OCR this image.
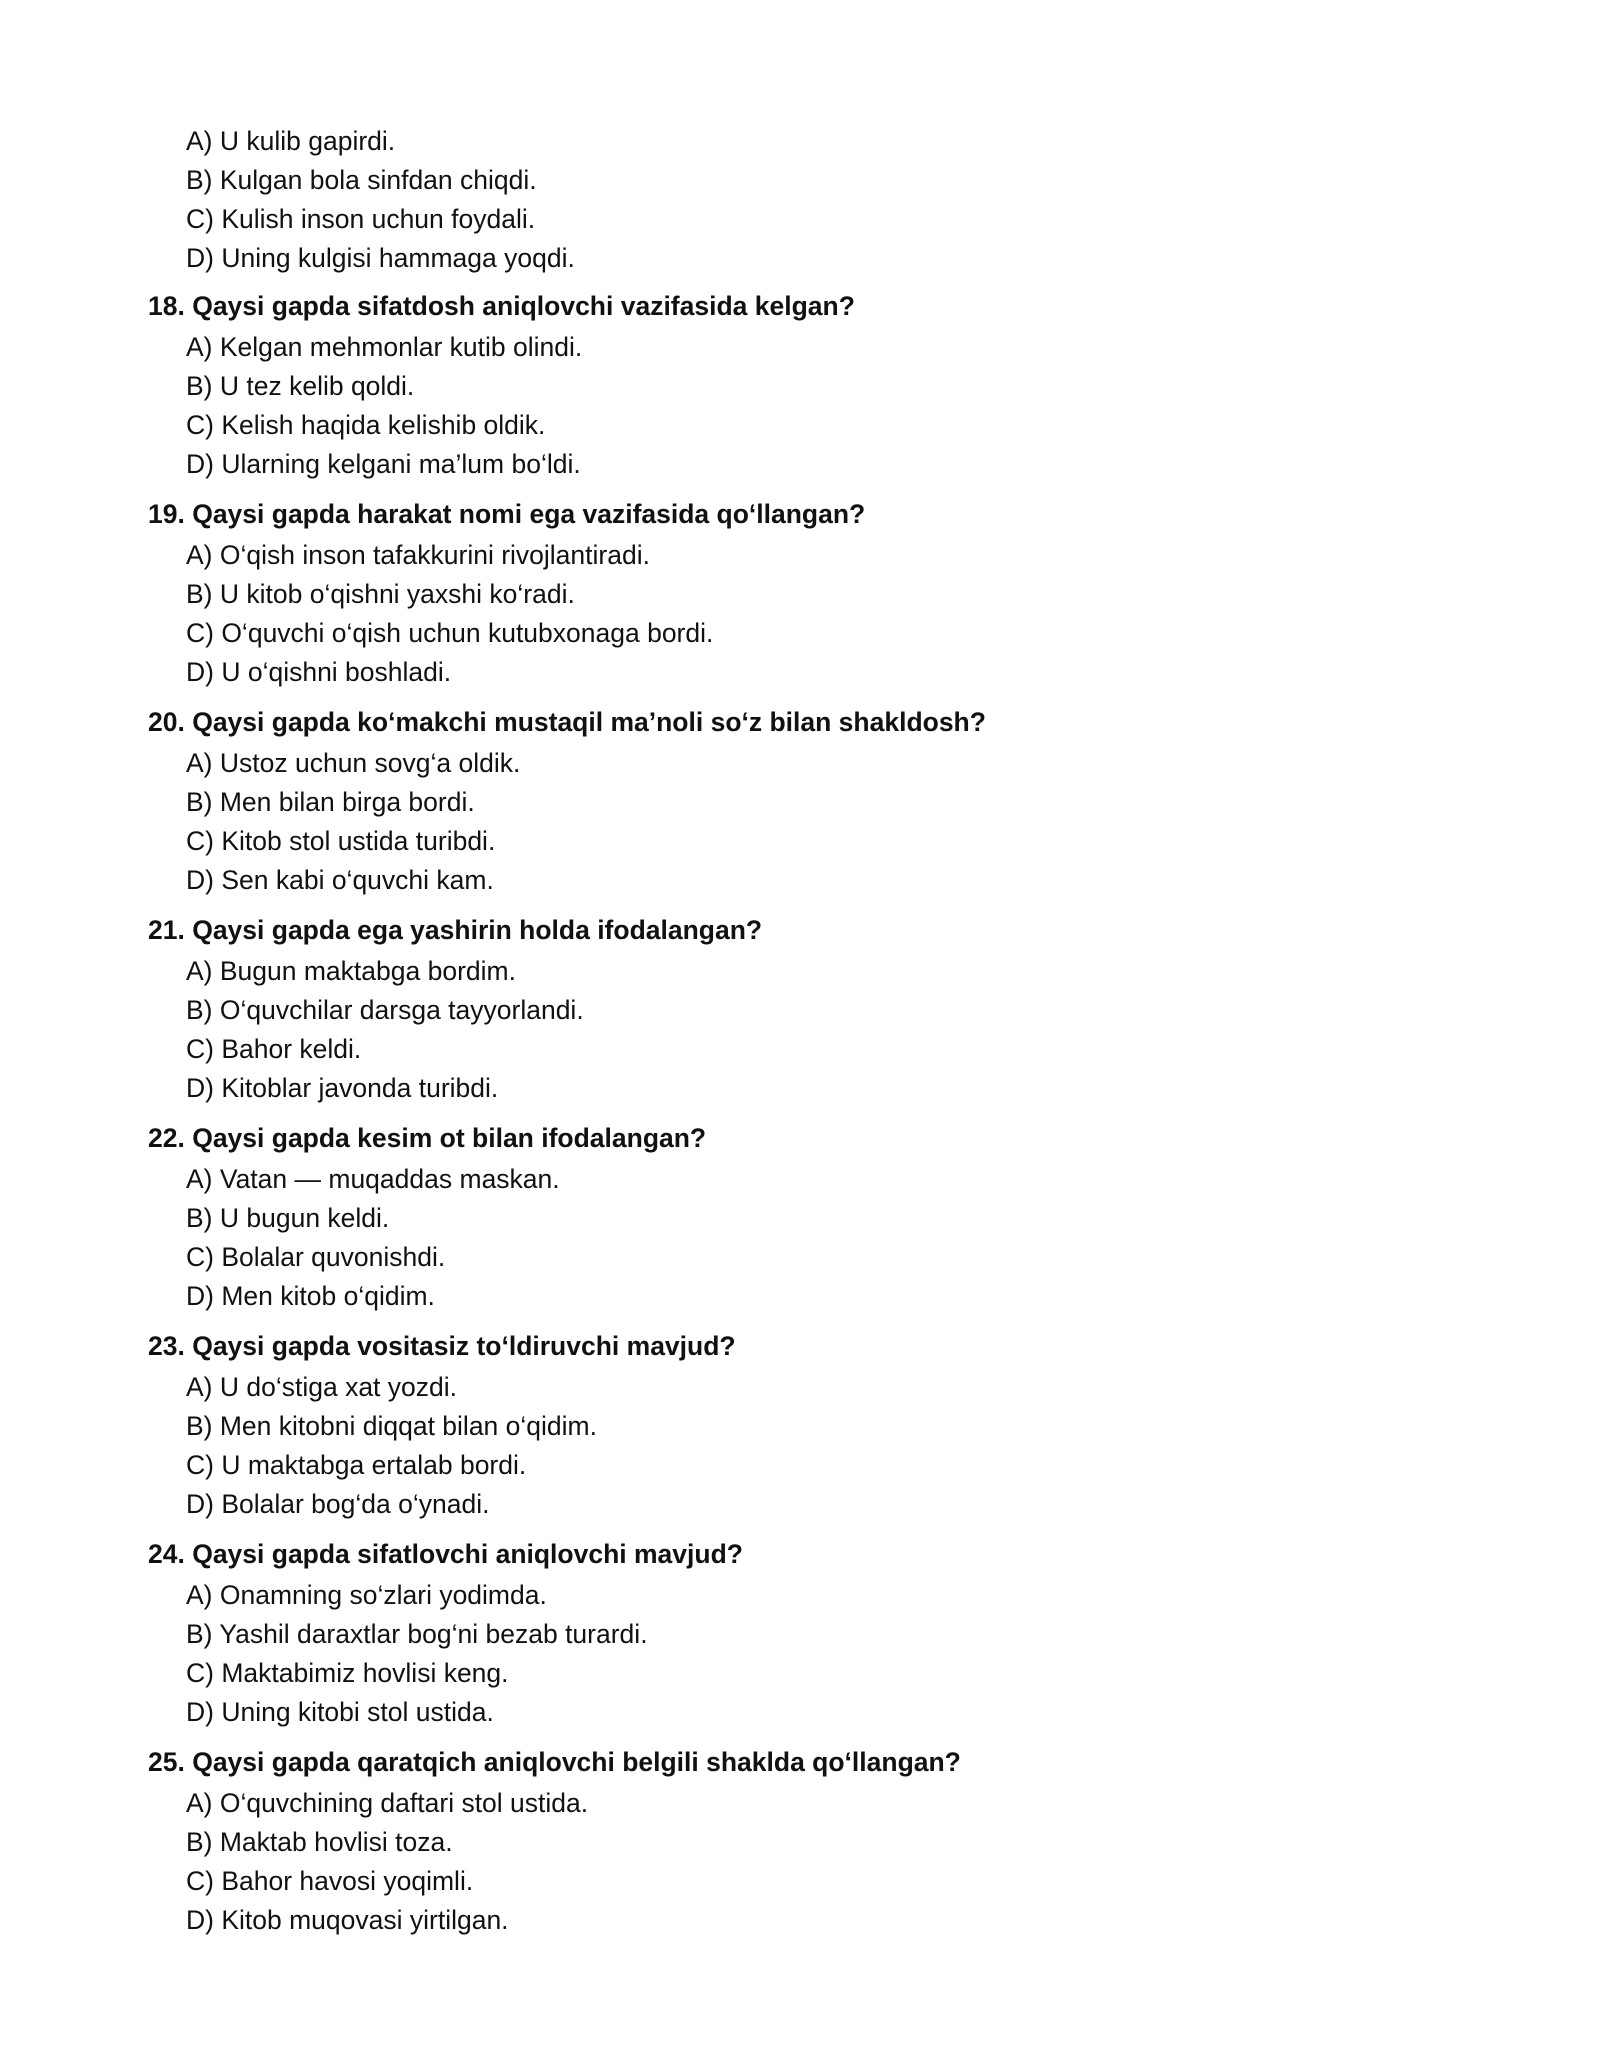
A) U kulib gapirdi.
B) Kulgan bola sinfdan chiqdi.
C) Kulish inson uchun foydali.
D) Uning kulgisi hammaga yoqdi.
18. Qaysi gapda sifatdosh aniqlovchi vazifasida kelgan?
A) Kelgan mehmonlar kutib olindi.
B) U tez kelib qoldi.
C) Kelish haqida kelishib oldik.
D) Ularning kelgani ma’lum bo‘ldi.
19. Qaysi gapda harakat nomi ega vazifasida qo‘llangan?
A) O‘qish inson tafakkurini rivojlantiradi.
B) U kitob o‘qishni yaxshi ko‘radi.
C) O‘quvchi o‘qish uchun kutubxonaga bordi.
D) U o‘qishni boshladi.
20. Qaysi gapda ko‘makchi mustaqil ma’noli so‘z bilan shakldosh?
A) Ustoz uchun sovg‘a oldik.
B) Men bilan birga bordi.
C) Kitob stol ustida turibdi.
D) Sen kabi o‘quvchi kam.
21. Qaysi gapda ega yashirin holda ifodalangan?
A) Bugun maktabga bordim.
B) O‘quvchilar darsga tayyorlandi.
C) Bahor keldi.
D) Kitoblar javonda turibdi.
22. Qaysi gapda kesim ot bilan ifodalangan?
A) Vatan — muqaddas maskan.
B) U bugun keldi.
C) Bolalar quvonishdi.
D) Men kitob o‘qidim.
23. Qaysi gapda vositasiz to‘ldiruvchi mavjud?
A) U do‘stiga xat yozdi.
B) Men kitobni diqqat bilan o‘qidim.
C) U maktabga ertalab bordi.
D) Bolalar bog‘da o‘ynadi.
24. Qaysi gapda sifatlovchi aniqlovchi mavjud?
A) Onamning so‘zlari yodimda.
B) Yashil daraxtlar bog‘ni bezab turardi.
C) Maktabimiz hovlisi keng.
D) Uning kitobi stol ustida.
25. Qaysi gapda qaratqich aniqlovchi belgili shaklda qo‘llangan?
A) O‘quvchining daftari stol ustida.
B) Maktab hovlisi toza.
C) Bahor havosi yoqimli.
D) Kitob muqovasi yirtilgan.
